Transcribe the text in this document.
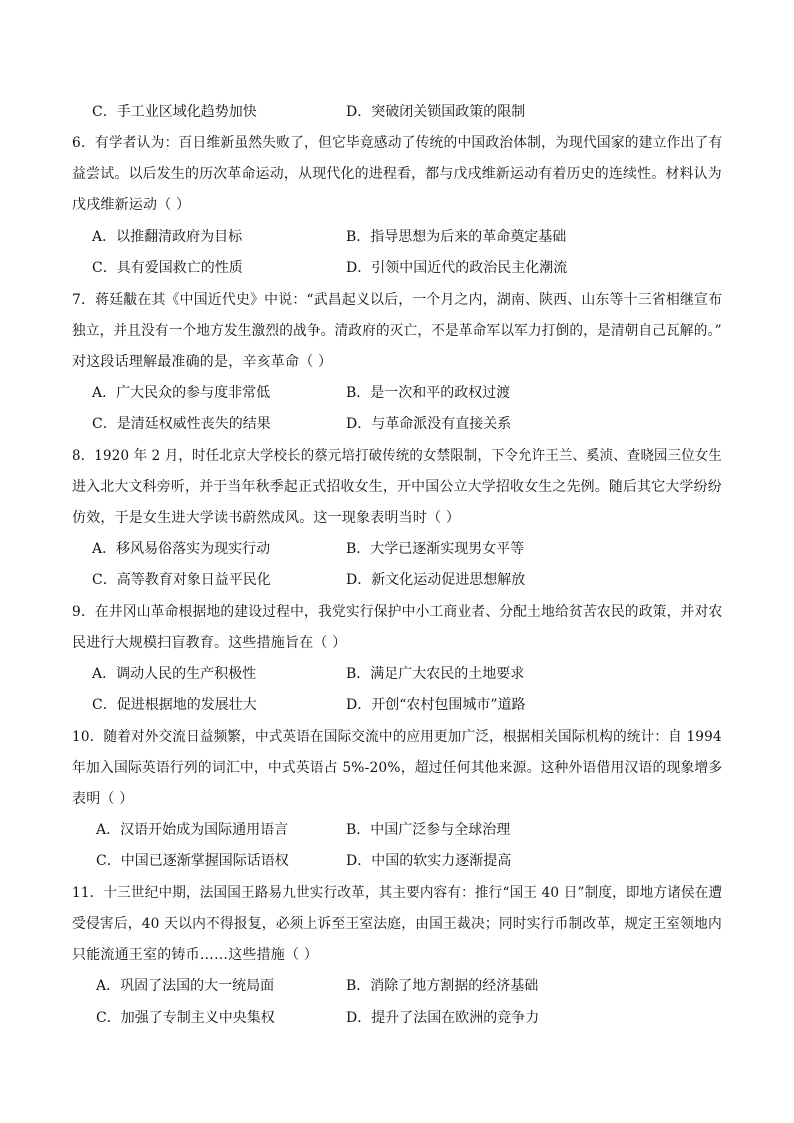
C．手工业区域化趋势加快	D．突破闭关锁国政策的限制
6．有学者认为：百日维新虽然失败了，但它毕竟感动了传统的中国政治体制，为现代国家的建立作出了有
益尝试。以后发生的历次革命运动，从现代化的进程看，都与戊戌维新运动有着历史的连续性。材料认为
戊戌维新运动（ ）
A．以推翻清政府为目标	B．指导思想为后来的革命奠定基础
C．具有爱国救亡的性质	D．引领中国近代的政治民主化潮流
7．蒋廷黻在其《中国近代史》中说：“武昌起义以后，一个月之内，湖南、陕西、山东等十三省相继宣布
独立，并且没有一个地方发生激烈的战争。清政府的灭亡，不是革命军以军力打倒的，是清朝自己瓦解的。”
对这段话理解最准确的是，辛亥革命（ ）
A．广大民众的参与度非常低	B．是一次和平的政权过渡
C．是清廷权威性丧失的结果	D．与革命派没有直接关系
8．1920 年 2 月，时任北京大学校长的蔡元培打破传统的女禁限制，下令允许王兰、奚浈、查晓园三位女生
进入北大文科旁听，并于当年秋季起正式招收女生，开中国公立大学招收女生之先例。随后其它大学纷纷
仿效，于是女生进大学读书蔚然成风。这一现象表明当时（ ）
A．移风易俗落实为现实行动	B．大学已逐渐实现男女平等
C．高等教育对象日益平民化	D．新文化运动促进思想解放
9．在井冈山革命根据地的建设过程中，我党实行保护中小工商业者、分配土地给贫苦农民的政策，并对农
民进行大规模扫盲教育。这些措施旨在（ ）
A．调动人民的生产积极性	B．满足广大农民的土地要求
C．促进根据地的发展壮大	D．开创“农村包围城市”道路
10．随着对外交流日益频繁，中式英语在国际交流中的应用更加广泛，根据相关国际机构的统计：自 1994
年加入国际英语行列的词汇中，中式英语占 5%-20%，超过任何其他来源。这种外语借用汉语的现象增多
表明（ ）
A．汉语开始成为国际通用语言	B．中国广泛参与全球治理
C．中国已逐渐掌握国际话语权	D．中国的软实力逐渐提高
11．十三世纪中期，法国国王路易九世实行改革，其主要内容有：推行“国王 40 日”制度，即地方诸侯在遭
受侵害后，40 天以内不得报复，必须上诉至王室法庭，由国王裁决；同时实行币制改革，规定王室领地内
只能流通王室的铸币……这些措施（ ）
A．巩固了法国的大一统局面	B．消除了地方割据的经济基础
C．加强了专制主义中央集权	D．提升了法国在欧洲的竞争力
